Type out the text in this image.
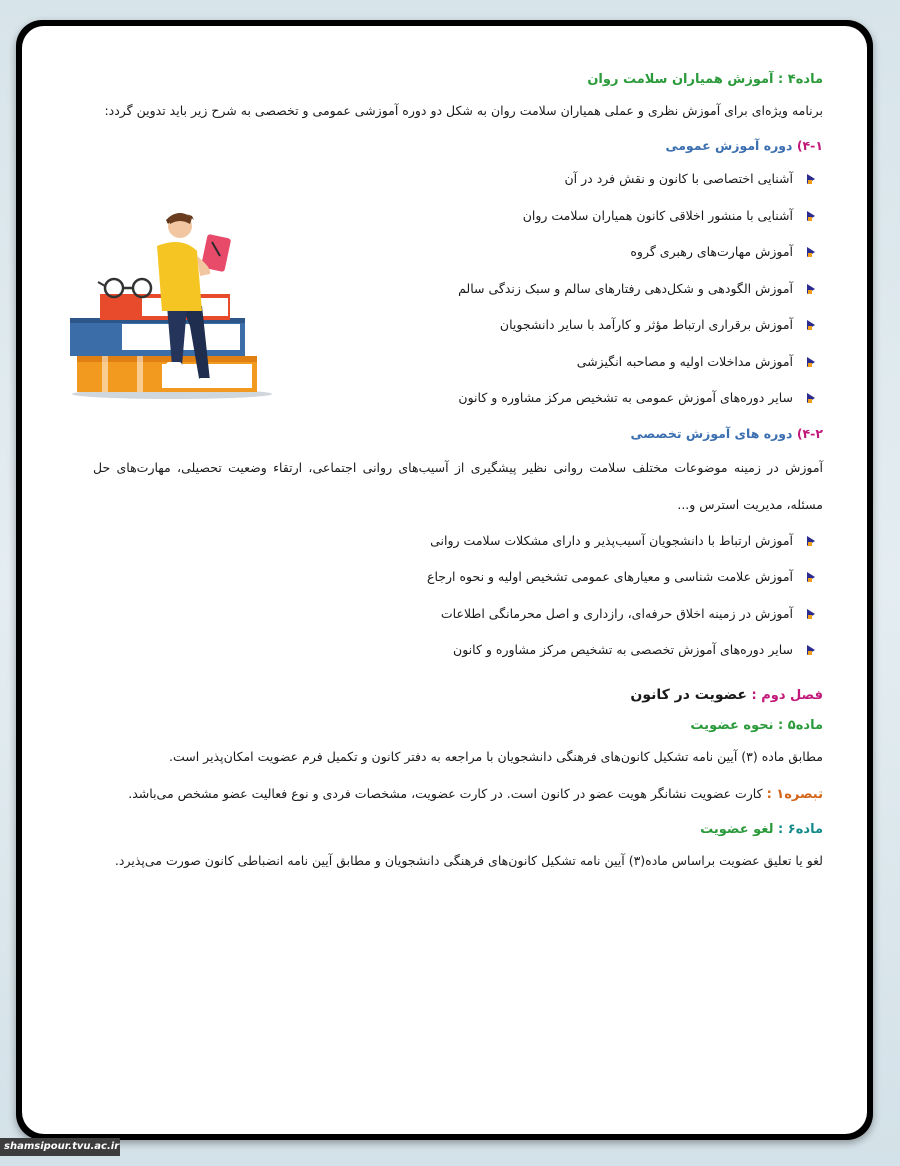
ماده۴ : آموزش همیاران سلامت روان

برنامه ویژه‌ای برای آموزش نظری و عملی همیاران سلامت روان به شکل دو دوره آموزشی عمومی و تخصصی به شرح زیر باید تدوین گردد:

۴-۱) دوره آموزش عمومی
آشنایی اختصاصی با کانون و نقش فرد در آن
آشنایی با منشور اخلاقی کانون همیاران سلامت روان
آموزش مهارت‌های رهبری گروه
آموزش الگودهی و شکل‌دهی رفتارهای سالم و سبک زندگی سالم
آموزش برقراری ارتباط مؤثر و کارآمد با سایر دانشجویان
آموزش مداخلات اولیه و مصاحبه انگیزشی
سایر دوره‌های آموزش عمومی به تشخیص مرکز مشاوره و کانون
۴-۲) دوره های آموزش تخصصی

آموزش در زمینه موضوعات مختلف سلامت روانی نظیر پیشگیری از آسیب‌های روانی اجتماعی، ارتقاء وضعیت تحصیلی، مهارت‌های حل مسئله، مدیریت استرس و...

آموزش ارتباط با دانشجویان آسیب‌پذیر و دارای مشکلات سلامت روانی
آموزش علامت شناسی و معیارهای عمومی تشخیص اولیه و نحوه ارجاع
آموزش در زمینه اخلاق حرفه‌ای، رازداری و اصل محرمانگی اطلاعات
سایر دوره‌های آموزش تخصصی به تشخیص مرکز مشاوره و کانون
فصل دوم : عضویت در کانون
ماده۵ : نحوه عضویت

مطابق ماده (۳) آیین نامه تشکیل کانون‌های فرهنگی دانشجویان با مراجعه به دفتر کانون و تکمیل فرم عضویت امکان‌پذیر است.

تبصره۱ : کارت عضویت نشانگر هویت عضو در کانون است. در کارت عضویت، مشخصات فردی و نوع فعالیت عضو مشخص می‌باشد.

ماده۶ : لغو عضویت

لغو یا تعلیق عضویت براساس ماده(۳) آیین نامه تشکیل کانون‌های فرهنگی دانشجویان و مطابق آیین نامه انضباطی کانون صورت می‌پذیرد.

shamsipour.tvu.ac.ir
